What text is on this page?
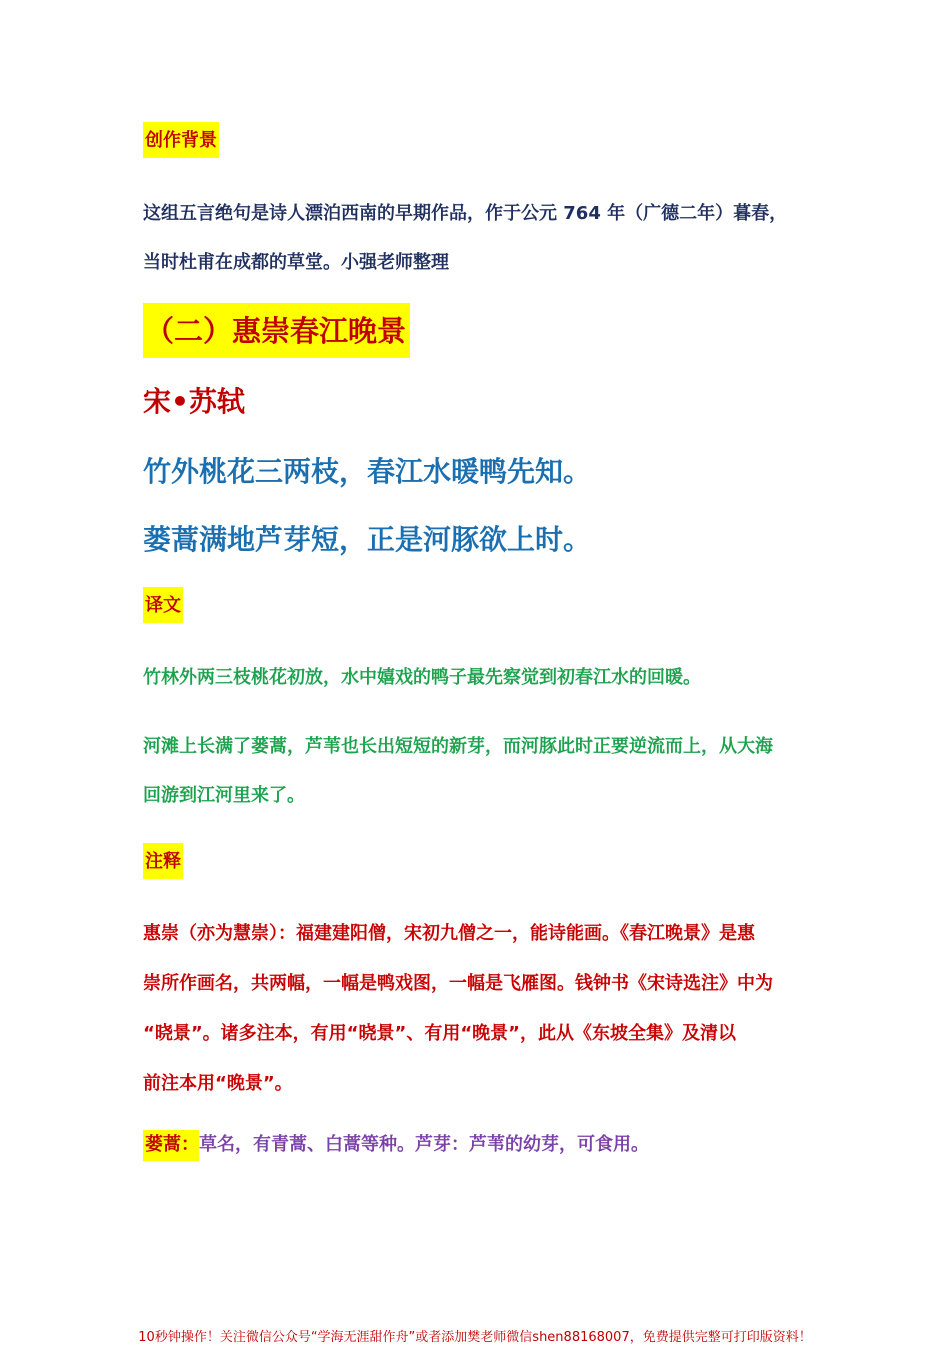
创作背景
这组五言绝句是诗人漂泊西南的早期作品，作于公元 764 年（广德二年）暮春，
当时杜甫在成都的草堂。小强老师整理
（二）惠崇春江晚景
宋•苏轼
竹外桃花三两枝，春江水暖鸭先知。
蒌蒿满地芦芽短，正是河豚欲上时。
译文
竹林外两三枝桃花初放，水中嬉戏的鸭子最先察觉到初春江水的回暖。
河滩上长满了蒌蒿，芦苇也长出短短的新芽，而河豚此时正要逆流而上，从大海
回游到江河里来了。
注释
惠崇（亦为慧崇）：福建建阳僧，宋初九僧之一，能诗能画。《春江晚景》是惠
崇所作画名，共两幅，一幅是鸭戏图，一幅是飞雁图。钱钟书《宋诗选注》中为
“晓景”。诸多注本，有用“晓景”、有用“晚景”，此从《东坡全集》及清以
前注本用“晚景”。
蒌蒿：草名，有青蒿、白蒿等种。芦芽：芦苇的幼芽，可食用。
10秒钟操作！关注微信公众号“学海无涯甜作舟”或者添加樊老师微信shen88168007，免费提供完整可打印版资料！
